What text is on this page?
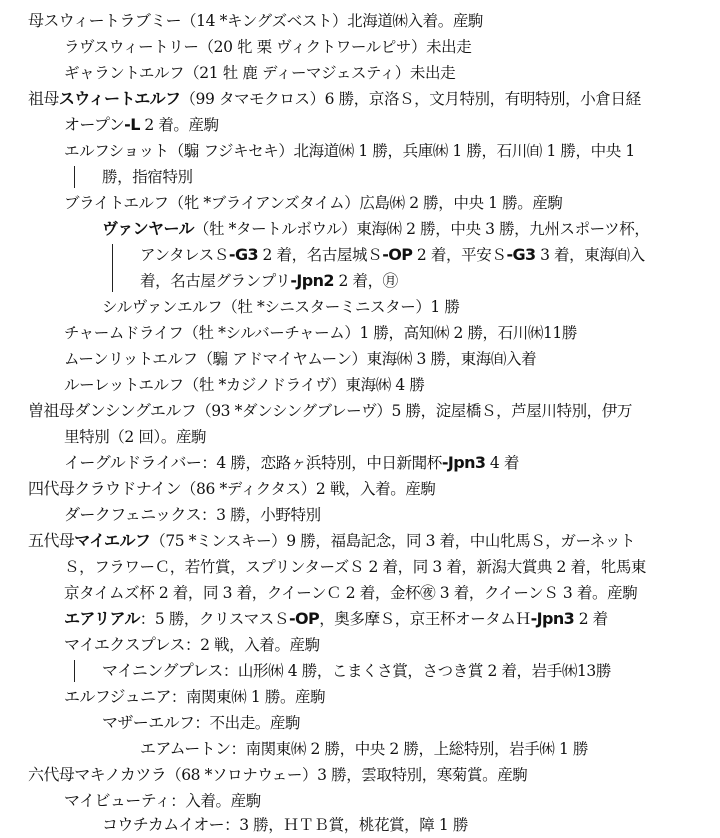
母スウィートラブミー（14 *キングズベスト）北海道㉁入着。産駒
ラヴスウィートリー（20 牝 栗 ヴィクトワールピサ）未出走
ギャラントエルフ（21 牡 鹿 ディーマジェスティ）未出走
祖母スウィートエルフ（99 タマモクロス）6 勝，京洛Ｓ，文月特別，有明特別，小倉日経
オープン-L 2 着。産駒
エルフショット（騸 フジキセキ）北海道㉁ 1 勝，兵庫㉁ 1 勝，石川㉂ 1 勝，中央 1
勝，指宿特別
ブライトエルフ（牝 *ブライアンズタイム）広島㉁ 2 勝，中央 1 勝。産駒
ヴァンヤール（牡 *タートルボウル）東海㉁ 2 勝，中央 3 勝，九州スポーツ杯，
アンタレスＳ-G3 2 着，名古屋城Ｓ-OP 2 着，平安Ｓ-G3 3 着，東海㉂入
着，名古屋グランプリ-Jpn2 2 着，㊊
シルヴァンエルフ（牡 *シニスターミニスター）1 勝
チャームドライフ（牡 *シルバーチャーム）1 勝，高知㉁ 2 勝，石川㉁11勝
ムーンリットエルフ（騸 アドマイヤムーン）東海㉁ 3 勝，東海㉂入着
ルーレットエルフ（牡 *カジノドライヴ）東海㉁ 4 勝
曽祖母ダンシングエルフ（93 *ダンシングブレーヴ）5 勝，淀屋橋Ｓ，芦屋川特別，伊万
里特別（2 回）。産駒
イーグルドライバー：4 勝，恋路ヶ浜特別，中日新聞杯-Jpn3 4 着
四代母クラウドナイン（86 *ディクタス）2 戦，入着。産駒
ダークフェニックス：3 勝，小野特別
五代母マイエルフ（75 *ミンスキー）9 勝，福島記念，同 3 着，中山牝馬Ｓ，ガーネット
Ｓ，フラワーＣ，若竹賞，スプリンターズＳ 2 着，同 3 着，新潟大賞典 2 着，牝馬東
京タイムズ杯 2 着，同 3 着，クイーンＣ 2 着，金杯㊰ 3 着，クイーンＳ 3 着。産駒
エアリアル：5 勝，クリスマスＳ-OP，奥多摩Ｓ，京王杯オータムＨ-Jpn3 2 着
マイエクスプレス：2 戦，入着。産駒
マイニングプレス：山形㉁ 4 勝，こまくさ賞，さつき賞 2 着，岩手㉁13勝
エルフジュニア：南関東㉁ 1 勝。産駒
マザーエルフ：不出走。産駒
エアムートン：南関東㉁ 2 勝，中央 2 勝，上総特別，岩手㉁ 1 勝
六代母マキノカツラ（68 *ソロナウェー）3 勝，雲取特別，寒菊賞。産駒
マイビューティ：入着。産駒
コウチカムイオー：3 勝，ＨＴＢ賞，桃花賞，障 1 勝
